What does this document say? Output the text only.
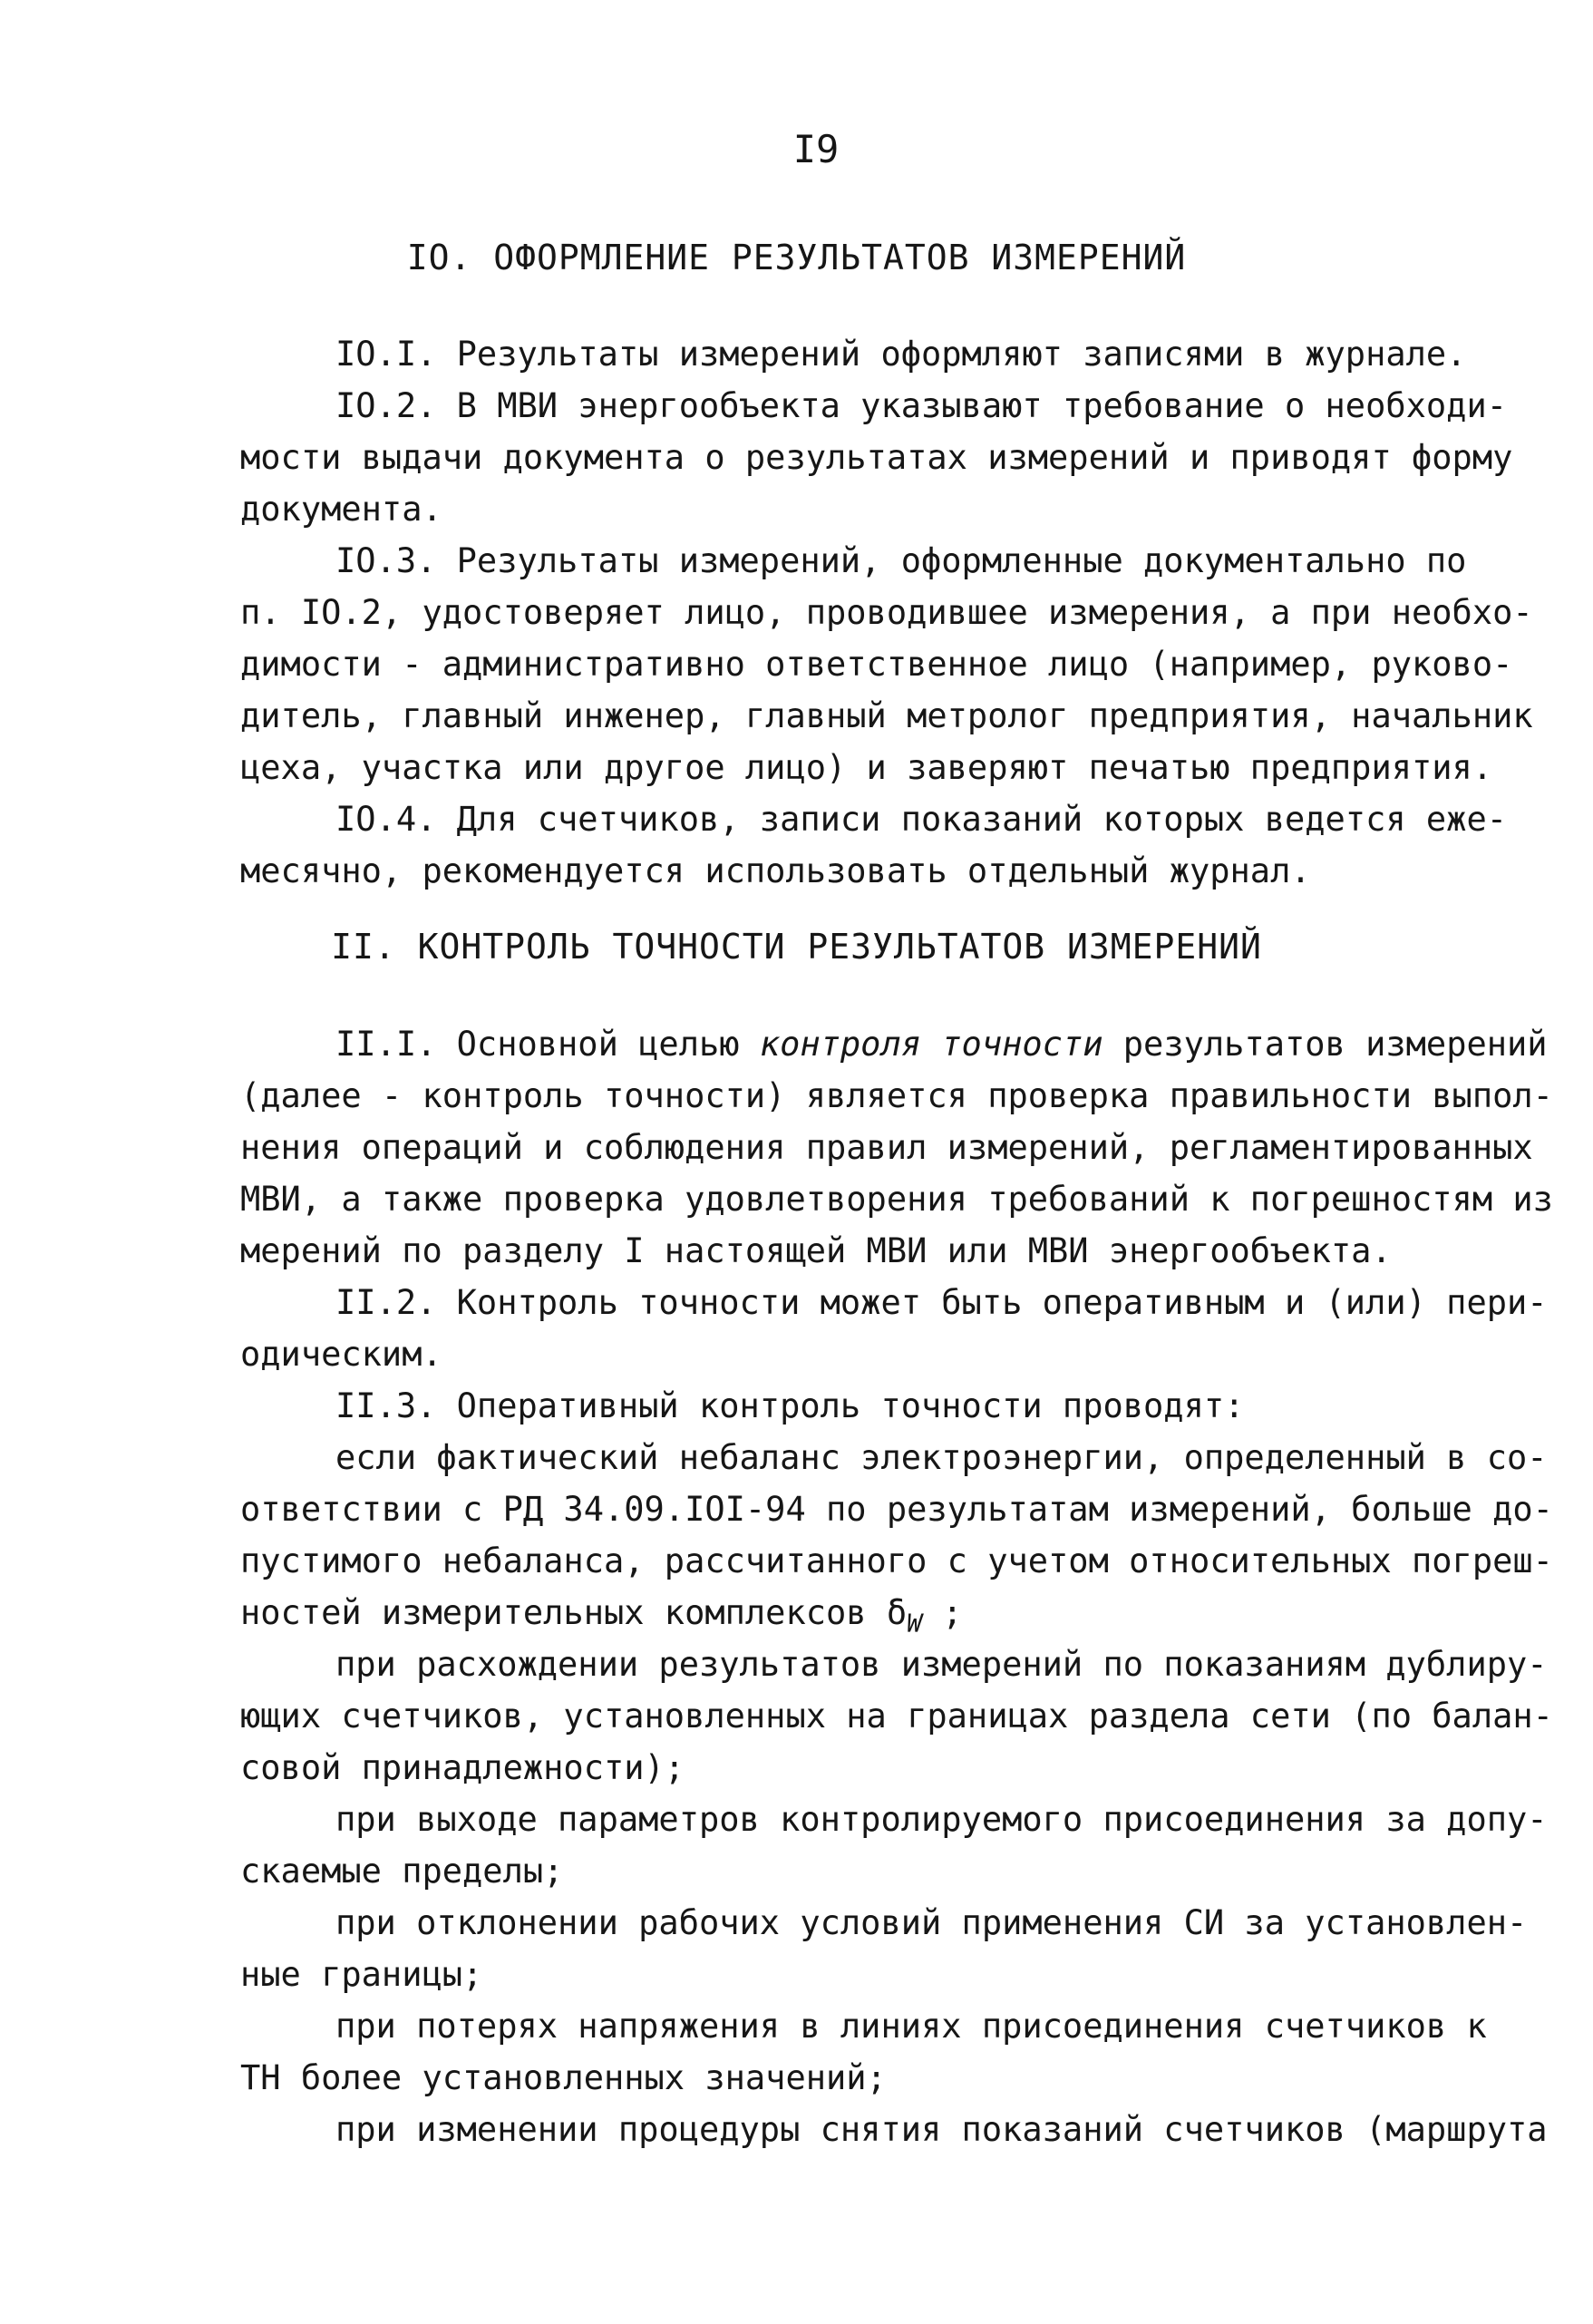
I9
IO. ОФОРМЛЕНИЕ РЕЗУЛЬТАТОВ ИЗМЕРЕНИЙ
IO.I. Результаты измерений оформляют записями в журнале.
IO.2. В МВИ энергообъекта указывают требование о необходи-
мости выдачи документа о результатах измерений и приводят форму
документа.
IO.3. Результаты измерений, оформленные документально по
п. IO.2, удостоверяет лицо, проводившее измерения, а при необхо-
димости - административно ответственное лицо (например, руково-
дитель, главный инженер, главный метролог предприятия, начальник
цеха, участка или другое лицо) и заверяют печатью предприятия.
IO.4. Для счетчиков, записи показаний которых ведется еже-
месячно, рекомендуется использовать отдельный журнал.
II. КОНТРОЛЬ ТОЧНОСТИ РЕЗУЛЬТАТОВ ИЗМЕРЕНИЙ
II.I. Основной целью контроля точности результатов измерений
(далее - контроль точности) является проверка правильности выпол-
нения операций и соблюдения правил измерений, регламентированных
МВИ, а также проверка удовлетворения требований к погрешностям из
мерений по разделу I настоящей МВИ или МВИ энергообъекта.
II.2. Контроль точности может быть оперативным и (или) пери-
одическим.
II.3. Оперативный контроль точности проводят:
если фактический небаланс электроэнергии, определенный в со-
ответствии с РД 34.09.IOI-94 по результатам измерений, больше до-
пустимого небаланса, рассчитанного с учетом относительных погреш-
ностей измерительных комплексов $\delta_W$ ;
при расхождении результатов измерений по показаниям дублиру-
ющих счетчиков, установленных на границах раздела сети (по балан-
совой принадлежности);
при выходе параметров контролируемого присоединения за допу-
скаемые пределы;
при отклонении рабочих условий применения СИ за установлен-
ные границы;
при потерях напряжения в линиях присоединения счетчиков к
ТН более установленных значений;
при изменении процедуры снятия показаний счетчиков (маршрута
